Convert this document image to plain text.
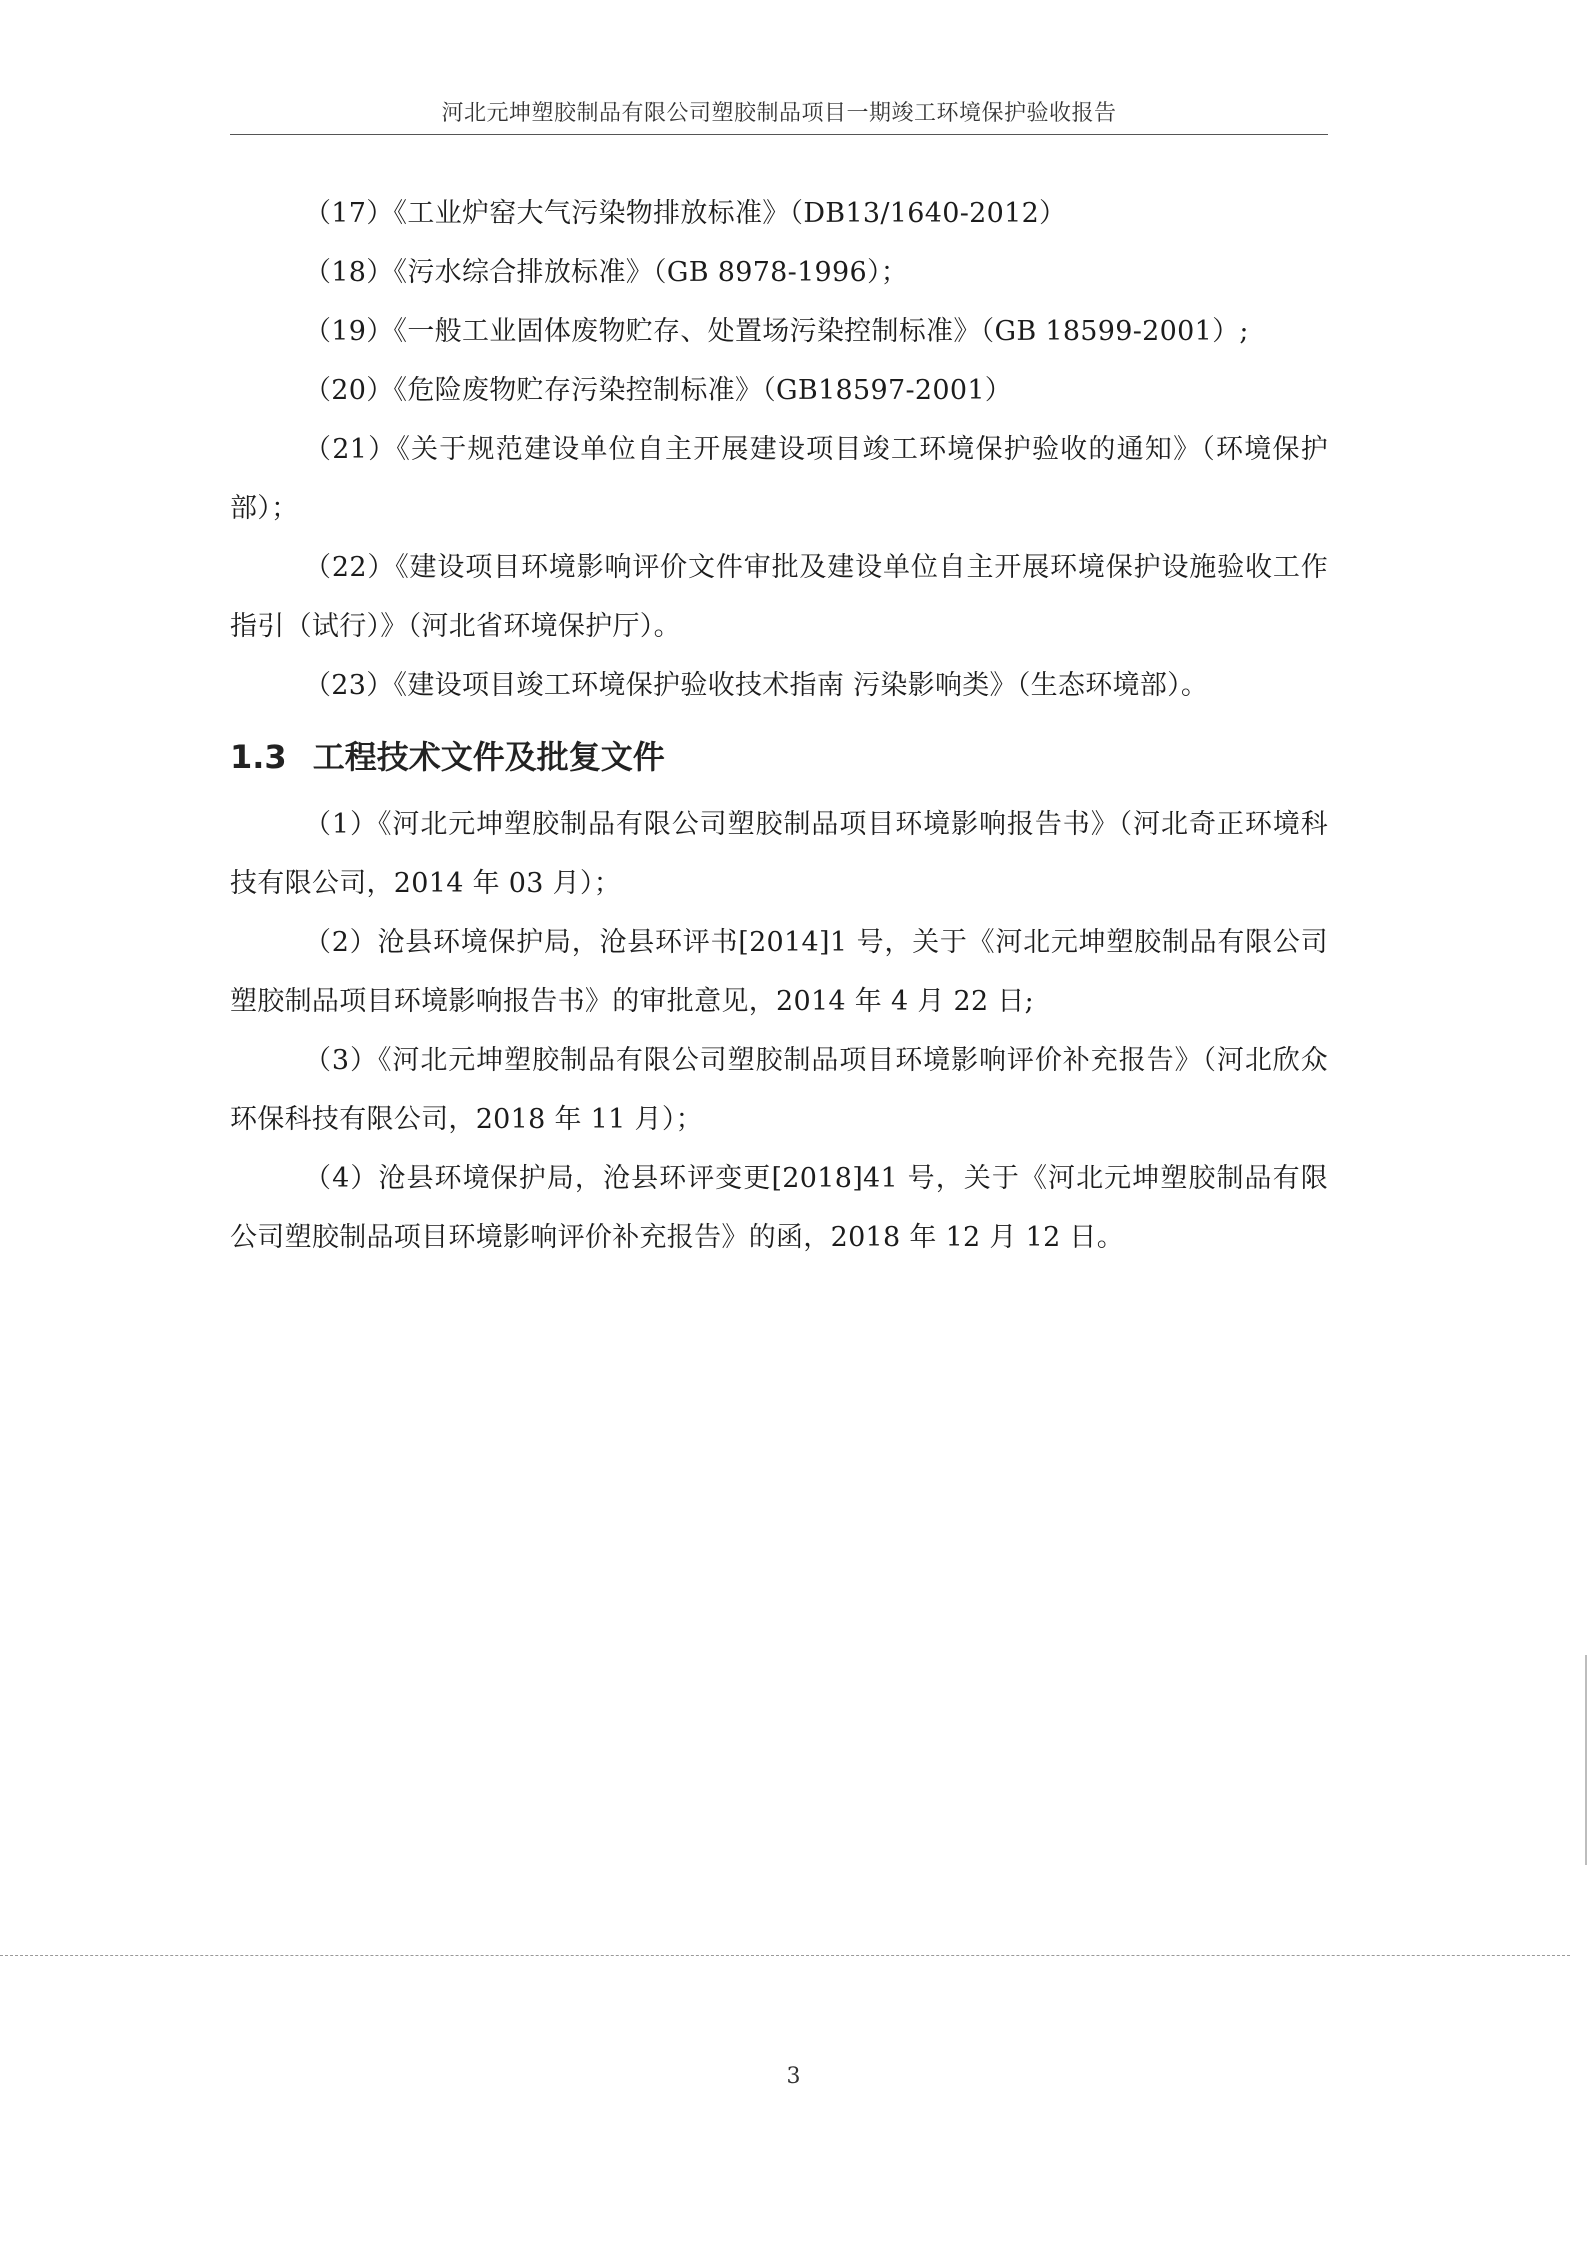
河北元坤塑胶制品有限公司塑胶制品项目一期竣工环境保护验收报告

（17）《工业炉窑大气污染物排放标准》（DB13/1640-2012）

（18）《污水综合排放标准》（GB 8978-1996）；

（19）《一般工业固体废物贮存、处置场污染控制标准》（GB 18599-2001）;

（20）《危险废物贮存污染控制标准》（GB18597-2001）

（21）《关于规范建设单位自主开展建设项目竣工环境保护验收的通知》（环境保护部）；

（22）《建设项目环境影响评价文件审批及建设单位自主开展环境保护设施验收工作指引（试行）》（河北省环境保护厅）。

（23）《建设项目竣工环境保护验收技术指南 污染影响类》（生态环境部）。

1.3 工程技术文件及批复文件

（1）《河北元坤塑胶制品有限公司塑胶制品项目环境影响报告书》（河北奇正环境科技有限公司，2014 年 03 月）；

（2）沧县环境保护局，沧县环评书[2014]1 号，关于《河北元坤塑胶制品有限公司塑胶制品项目环境影响报告书》的审批意见，2014 年 4 月 22 日;

（3）《河北元坤塑胶制品有限公司塑胶制品项目环境影响评价补充报告》（河北欣众环保科技有限公司，2018 年 11 月）；

（4）沧县环境保护局，沧县环评变更[2018]41 号，关于《河北元坤塑胶制品有限公司塑胶制品项目环境影响评价补充报告》的函，2018 年 12 月 12 日。

3
